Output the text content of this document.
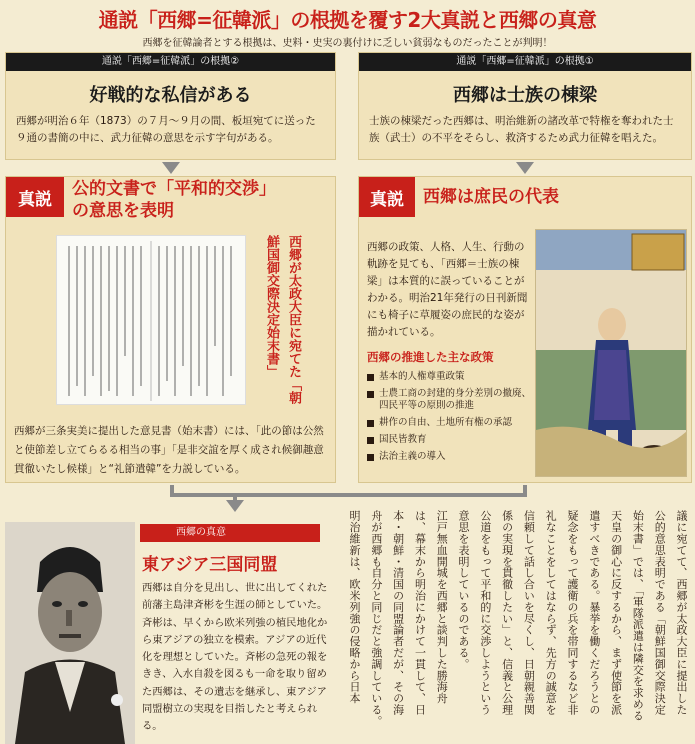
通説「西郷=征韓派」の根拠を覆す2大真説と西郷の真意
西郷を征韓論者とする根拠は、史料・史実の裏付けに乏しい貧弱なものだったことが判明！
通説「西郷=征韓派」の根拠②
好戦的な私信がある
西郷が明治６年（1873）の７月～９月の間、板垣宛てに送った９通の書簡の中に、武力征韓の意思を示す字句がある。
通説「西郷=征韓派」の根拠①
西郷は士族の棟梁
士族の棟梁だった西郷は、明治維新の諸改革で特権を奪われた士族（武士）の不平をそらし、救済するため武力征韓を唱えた。
真説
公的文書で「平和的交渉」
の意思を表明
西郷が太政大臣に宛てた「朝鮮国御交際決定始末書」
西郷が三条実美に提出した意見書（始末書）には、「此の節は公然と使節差し立てらるる相当の事」「是非交誼を厚く成され候御趣意貫徹いたし候様」と“礼節遣韓”を力説している。
真説	西郷は庶民の代表
西郷の政策、人格、人生、行動の軌跡を見ても、「西郷＝士族の棟梁」は本質的に誤っていることがわかる。明治21年発行の日刊新聞にも椅子に草履姿の庶民的な姿が描かれている。
西郷の推進した主な政策
基本的人権尊重政策
士農工商の封建的身分差別の撤廃、四民平等の原則の推進
耕作の自由、土地所有権の承認
国民皆教育
法治主義の導入
西郷の真意
東アジア三国同盟
西郷は自分を見出し、世に出してくれた前藩主島津斉彬を生涯の師としていた。斉彬は、早くから欧米列強の植民地化から東アジアの独立を模索。アジアの近代化を理想としていた。斉彬の急死の報をきき、入水自殺を図るも一命を取り留めた西郷は、その遺志を継承し、東アジア同盟樹立の実現を目指したと考えられる。
議に宛てて、西郷が太政大臣に提出した
公的意思表明である「朝鮮国御交際決定
始末書」では、「軍隊派遣は隣交を求める
天皇の御心に反するから、まず使節を派
遣すべきである。暴挙を働くだろうとの
疑念をもって護衛の兵を帯同するなど非
礼なことをしてはならず、先方の誠意を
信頼して話し合いを尽くし、日朝親善関
係の実現を貫徹したい」と、信義と公理
公道をもって平和的に交渉しようという
意思を表明しているのである。
江戸無血開城を西郷と談判した勝海舟
は、幕末から明治にかけて一貫して、日
本・朝鮮・清国の同盟論者だが、その海
舟が西郷も自分と同じだと強調している。
明治維新は、欧米列強の侵略から日本
